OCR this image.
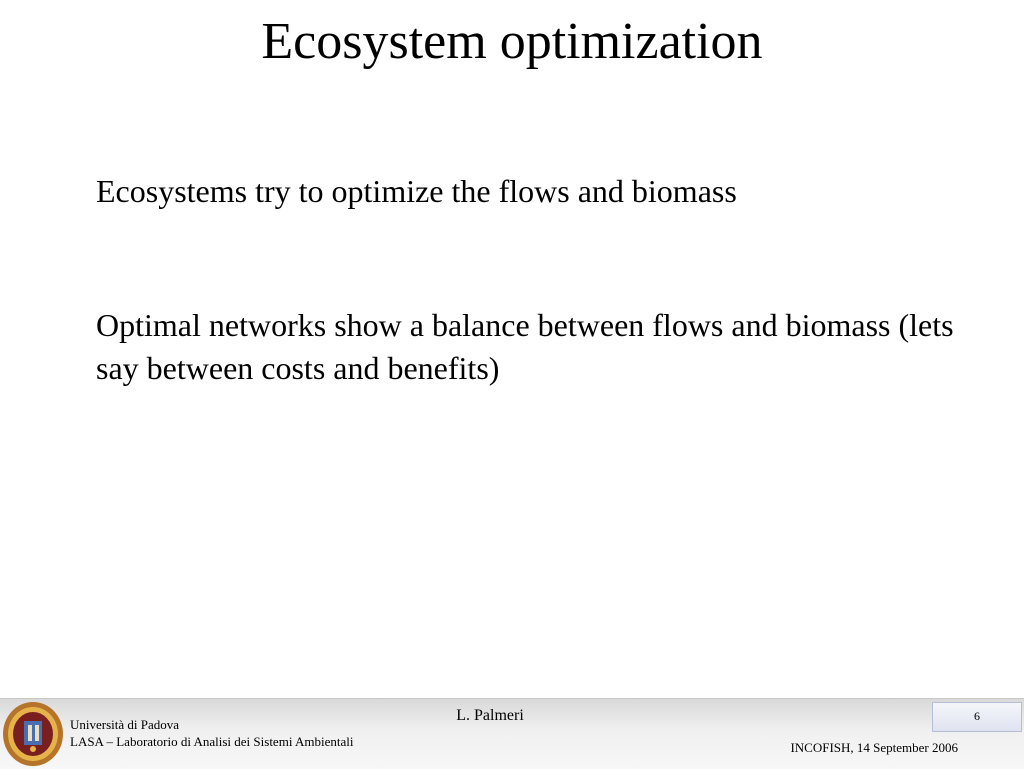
Ecosystem optimization

Ecosystems try to optimize the flows and biomass

Optimal networks show a balance between flows and biomass (lets say between costs and benefits)

Università di Padova
LASA – Laboratorio di Analisi dei Sistemi Ambientali
L. Palmeri	6
INCOFISH, 14 September 2006
